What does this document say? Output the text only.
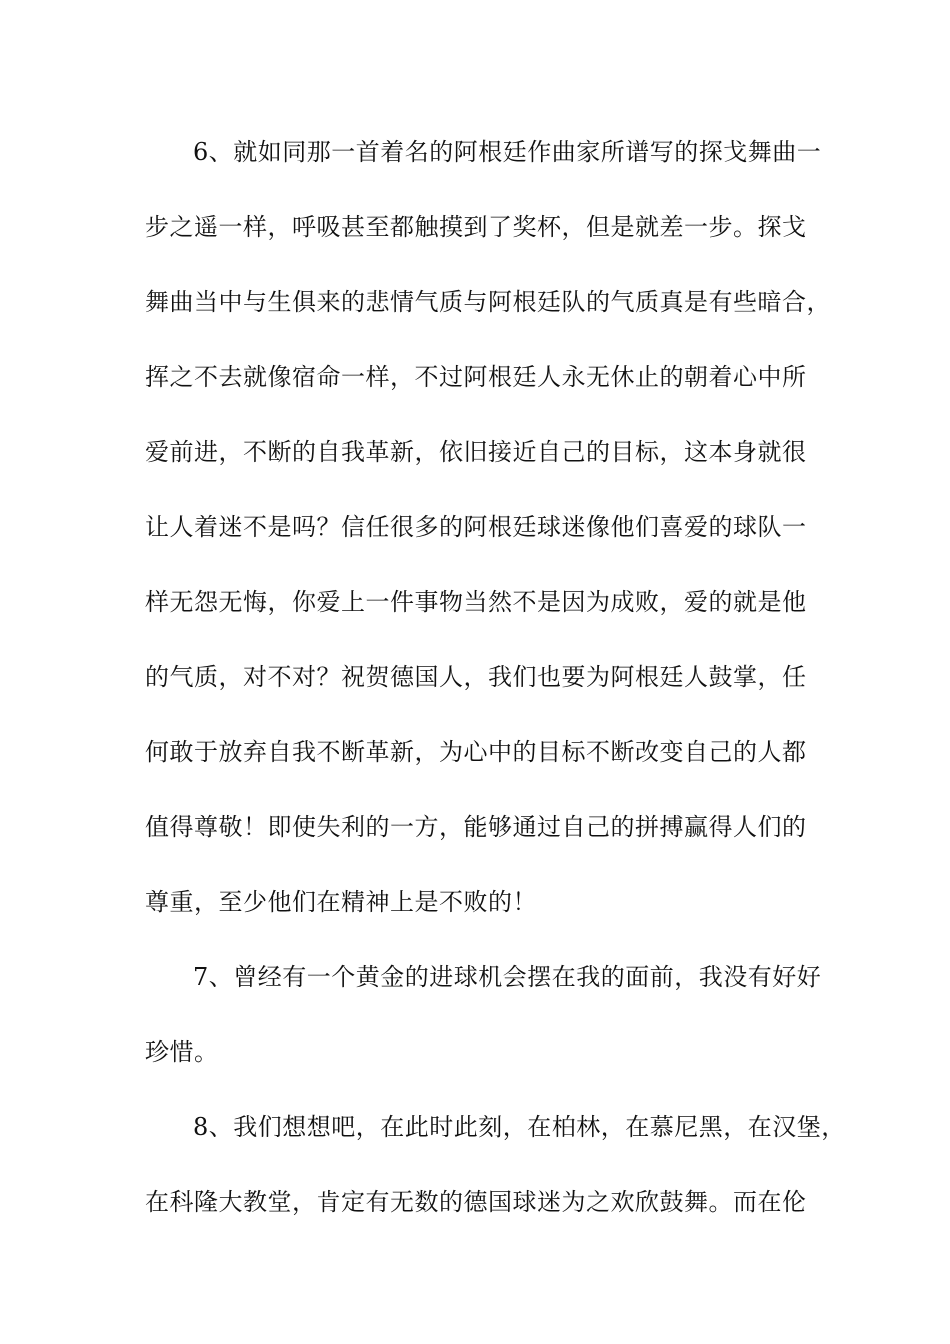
6、就如同那一首着名的阿根廷作曲家所谱写的探戈舞曲一
步之遥一样，呼吸甚至都触摸到了奖杯，但是就差一步。探戈
舞曲当中与生俱来的悲情气质与阿根廷队的气质真是有些暗合，
挥之不去就像宿命一样，不过阿根廷人永无休止的朝着心中所
爱前进，不断的自我革新，依旧接近自己的目标，这本身就很
让人着迷不是吗？信任很多的阿根廷球迷像他们喜爱的球队一
样无怨无悔，你爱上一件事物当然不是因为成败，爱的就是他
的气质，对不对？祝贺德国人，我们也要为阿根廷人鼓掌，任
何敢于放弃自我不断革新，为心中的目标不断改变自己的人都
值得尊敬！即使失利的一方，能够通过自己的拼搏赢得人们的
尊重，至少他们在精神上是不败的！
7、曾经有一个黄金的进球机会摆在我的面前，我没有好好
珍惜。
8、我们想想吧，在此时此刻，在柏林，在慕尼黑，在汉堡，
在科隆大教堂，肯定有无数的德国球迷为之欢欣鼓舞。而在伦
